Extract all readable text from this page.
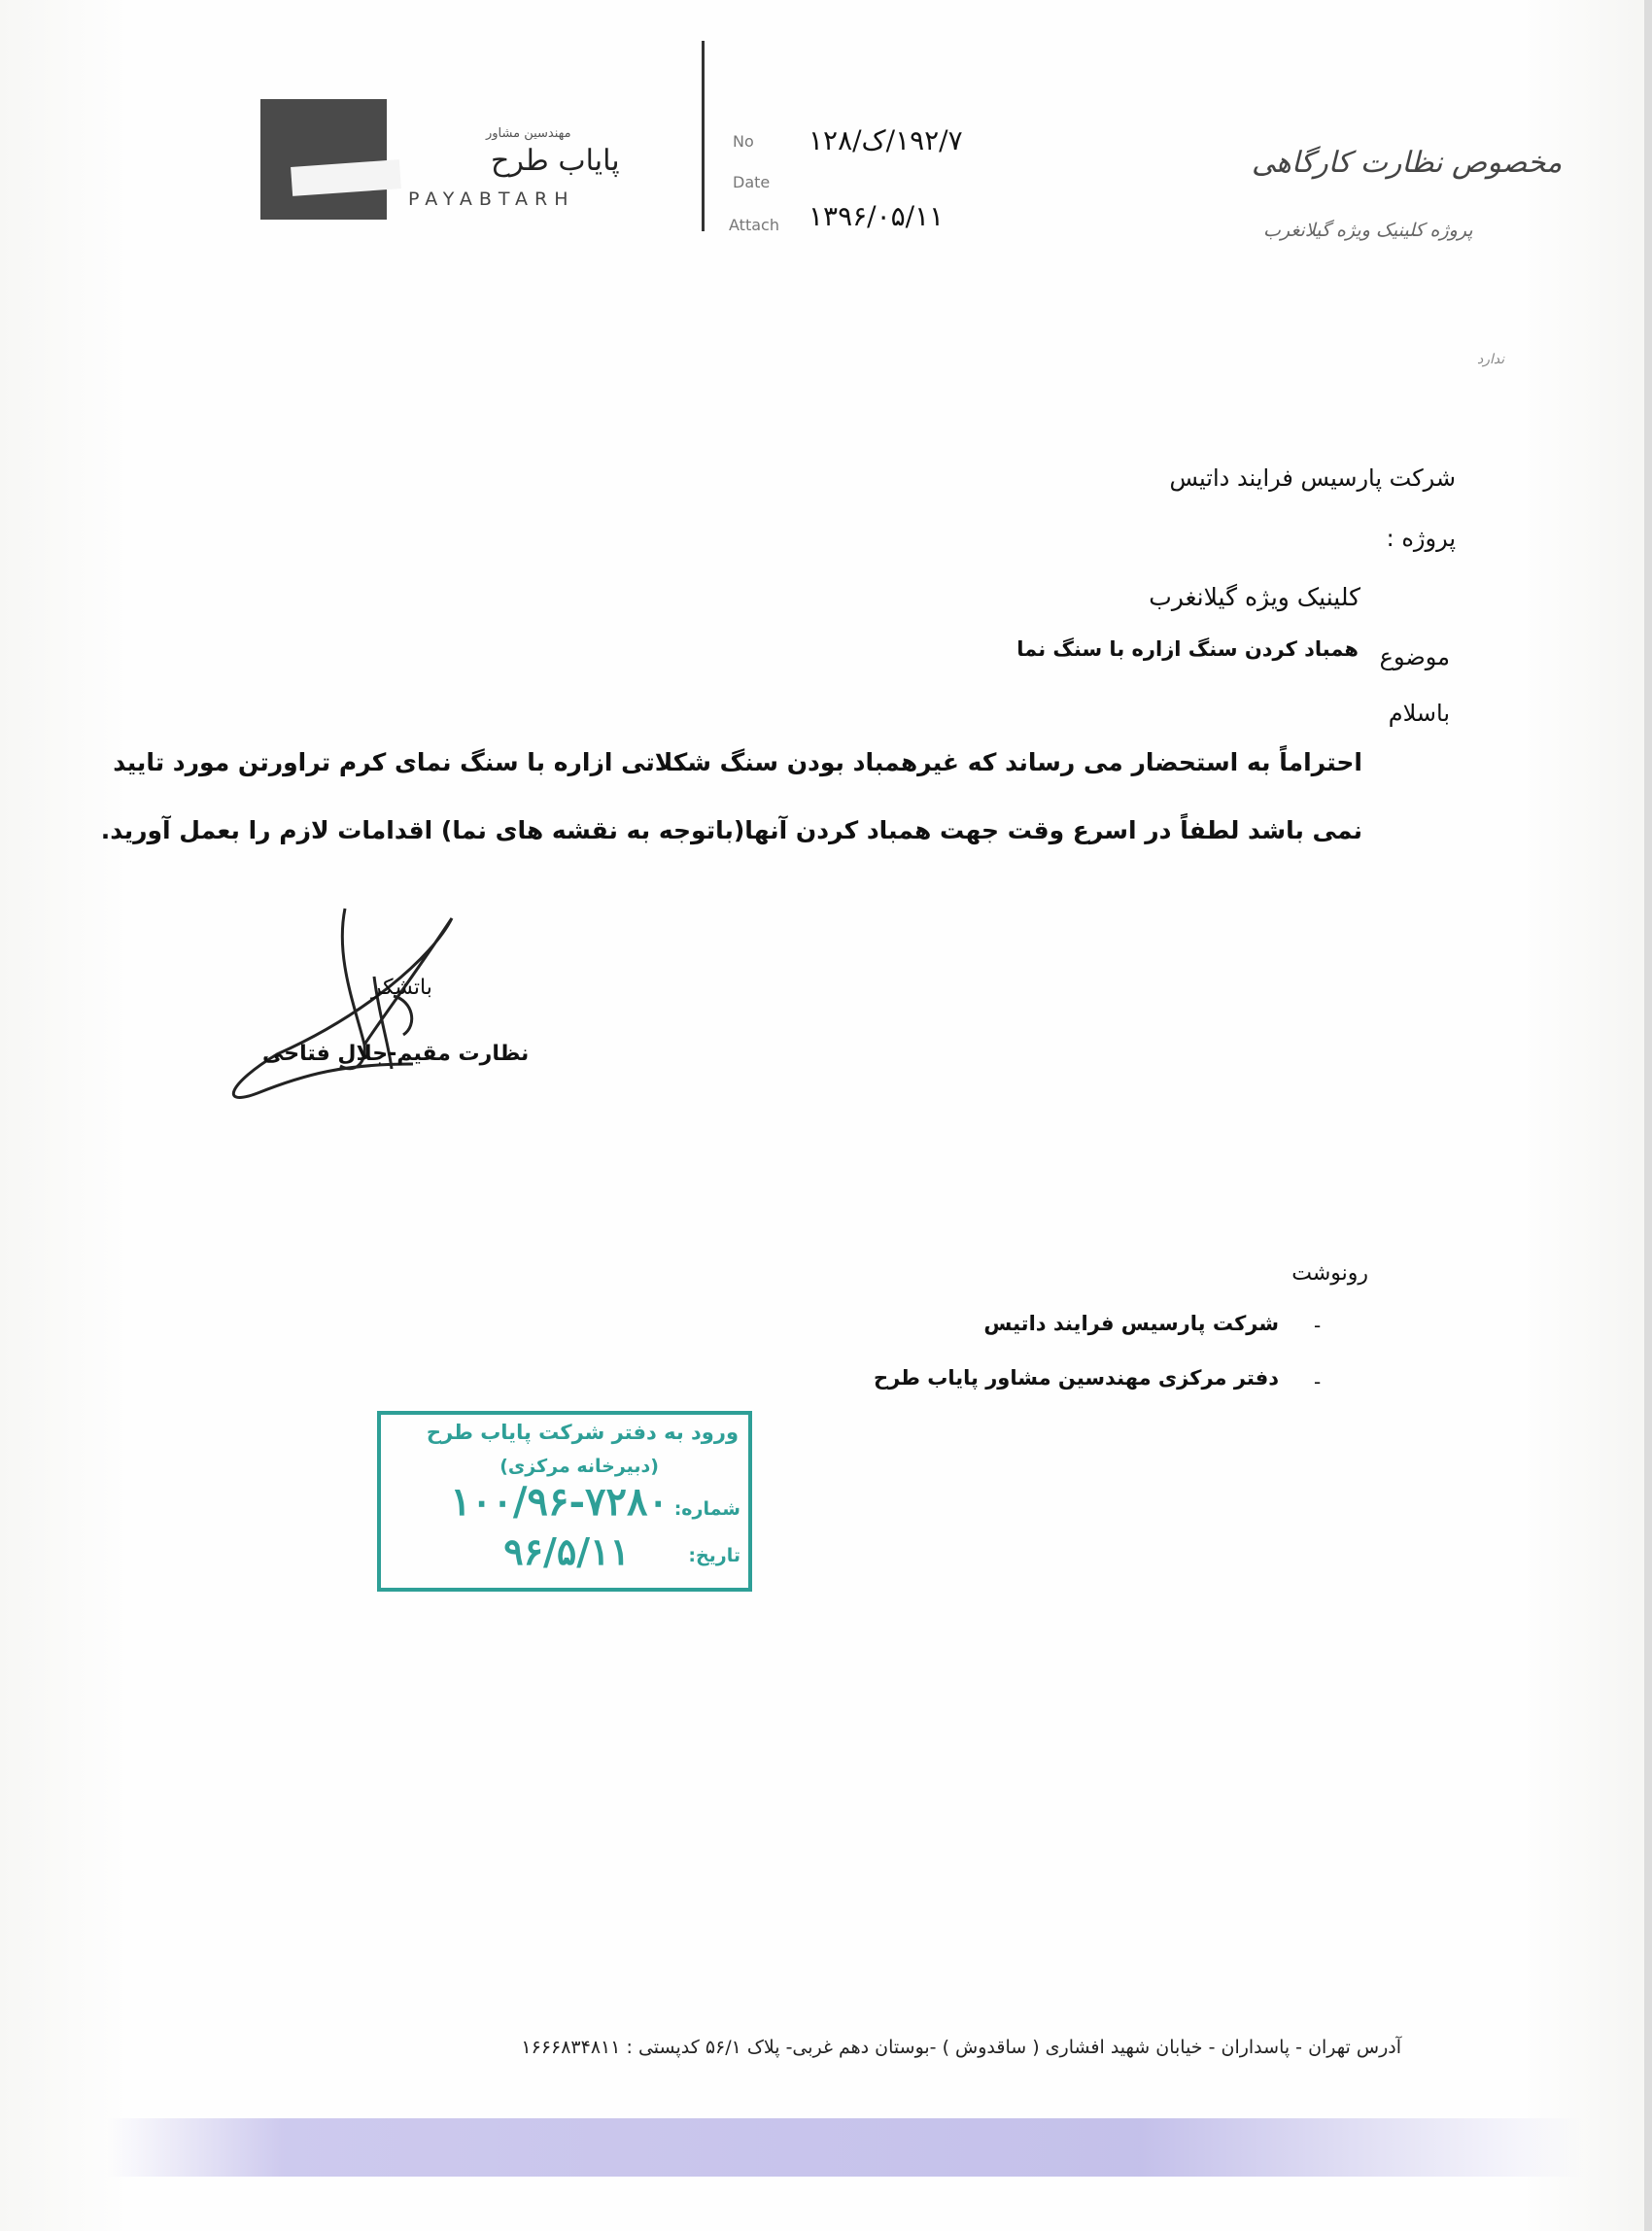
مهندسین مشاور
پایاب طرح
PAYABTARH
No
Date
Attach
۱۹۲/۷/ک/۱۲۸
۱۳۹۶/۰۵/۱۱
مخصوص نظارت کارگاهی
پروژه کلینیک ویژه گیلانغرب
ندارد
شرکت پارسیس فرایند داتیس
پروژه :
کلینیک ویژه گیلانغرب
موضوع
همباد کردن سنگ ازاره با سنگ نما
باسلام
احتراماً به استحضار می رساند که غیرهمباد بودن سنگ شکلاتی ازاره با سنگ نمای کرم تراورتن مورد تایید
نمی باشد لطفاً در اسرع وقت جهت همباد کردن آنها(باتوجه به نقشه های نما) اقدامات لازم را بعمل آورید.
باتشکر
نظارت مقیم-جلال فتاحی
رونوشت
-
شرکت پارسیس فرایند داتیس
-
دفتر مرکزی مهندسین مشاور پایاب طرح
ورود به دفتر شرکت پایاب طرح
(دبیرخانه مرکزی)
شماره:
۱۰۰/۹۶-۷۲۸۰
تاریخ:
۹۶/۵/۱۱
آدرس تهران - پاسداران - خیابان شهید افشاری ( ساقدوش ) -بوستان دهم غربی- پلاک ۵۶/۱ کدپستی : ۱۶۶۶۸۳۴۸۱۱
